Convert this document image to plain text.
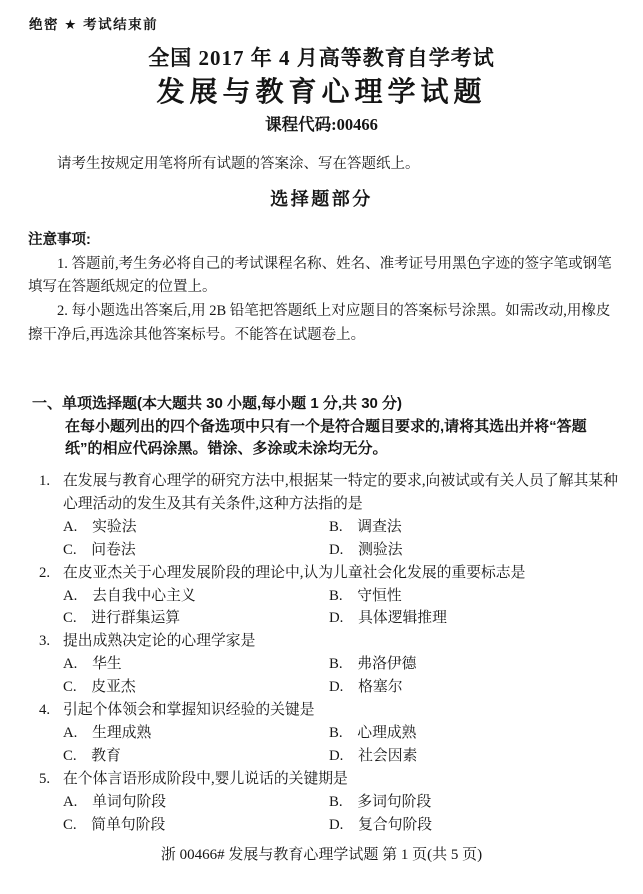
绝密 ★ 考试结束前
全国 2017 年 4 月高等教育自学考试
发展与教育心理学试题
课程代码:00466
请考生按规定用笔将所有试题的答案涂、写在答题纸上。
选择题部分
注意事项:

1. 答题前,考生务必将自己的考试课程名称、姓名、准考证号用黑色字迹的签字笔或钢笔填写在答题纸规定的位置上。

2. 每小题选出答案后,用 2B 铅笔把答题纸上对应题目的答案标号涂黑。如需改动,用橡皮擦干净后,再选涂其他答案标号。不能答在试题卷上。

一、单项选择题(本大题共 30 小题,每小题 1 分,共 30 分)
在每小题列出的四个备选项中只有一个是符合题目要求的,请将其选出并将“答题纸”的相应代码涂黑。错涂、多涂或未涂均无分。
1. 在发展与教育心理学的研究方法中,根据某一特定的要求,向被试或有关人员了解其某种心理活动的发生及其有关条件,这种方法指的是
A. 实验法	B. 调查法
C. 问卷法	D. 测验法
2. 在皮亚杰关于心理发展阶段的理论中,认为儿童社会化发展的重要标志是
A. 去自我中心主义	B. 守恒性
C. 进行群集运算	D. 具体逻辑推理
3. 提出成熟决定论的心理学家是
A. 华生	B. 弗洛伊德
C. 皮亚杰	D. 格塞尔
4. 引起个体领会和掌握知识经验的关键是
A. 生理成熟	B. 心理成熟
C. 教育	D. 社会因素
5. 在个体言语形成阶段中,婴儿说话的关键期是
A. 单词句阶段	B. 多词句阶段
C. 简单句阶段	D. 复合句阶段
浙 00466# 发展与教育心理学试题 第 1 页(共 5 页)
